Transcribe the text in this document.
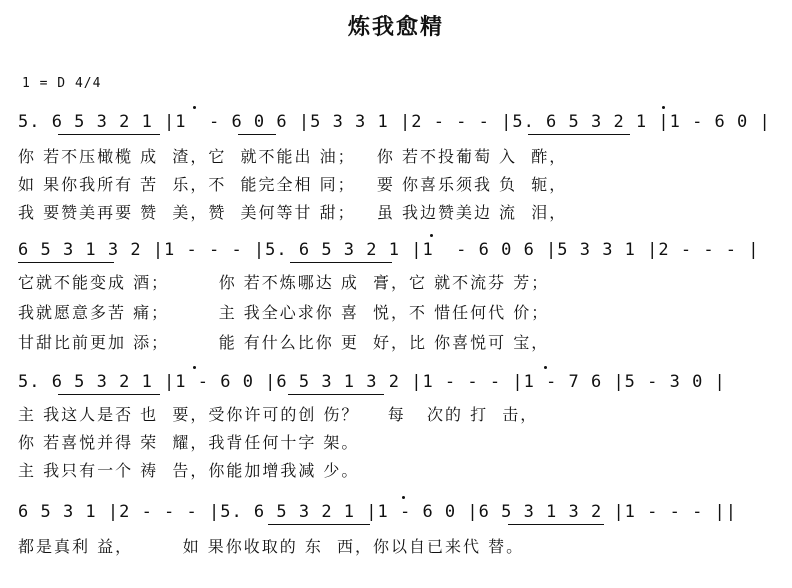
炼我愈精
1 = D 4/4
5. 6 5 3 2 1 |1  - 6 0 6 |5 3 3 1 |2 - - - |5. 6 5 3 2 1 |1 - 6 0 |
你 若不压橄榄 成  渣，它  就不能出 油；   你 若不投葡萄 入  酢，
如 果你我所有 苦  乐，不  能完全相 同；   要 你喜乐须我 负  轭，
我 要赞美再要 赞  美，赞  美何等甘 甜；   虽 我边赞美边 流  泪，
6 5 3 1 3 2 |1 - - - |5. 6 5 3 2 1 |1  - 6 0 6 |5 3 3 1 |2 - - - |
它就不能变成 酒；       你 若不炼哪达 成  膏，它 就不流芬 芳；
我就愿意多苦 痛；       主 我全心求你 喜  悦，不 惜任何代 价；
甘甜比前更加 添；       能 有什么比你 更  好，比 你喜悦可 宝，
5. 6 5 3 2 1 |1 - 6 0 |6 5 3 1 3 2 |1 - - - |1 - 7 6 |5 - 3 0 |
主 我这人是否 也  要，受你许可的创 伤？    每   次的 打  击，
你 若喜悦并得 荣  耀，我背任何十字 架。
主 我只有一个 祷  告，你能加增我减 少。
6 5 3 1 |2 - - - |5. 6 5 3 2 1 |1 - 6 0 |6 5 3 1 3 2 |1 - - - ||
都是真利 益，       如 果你收取的 东  西，你以自已来代 替。
